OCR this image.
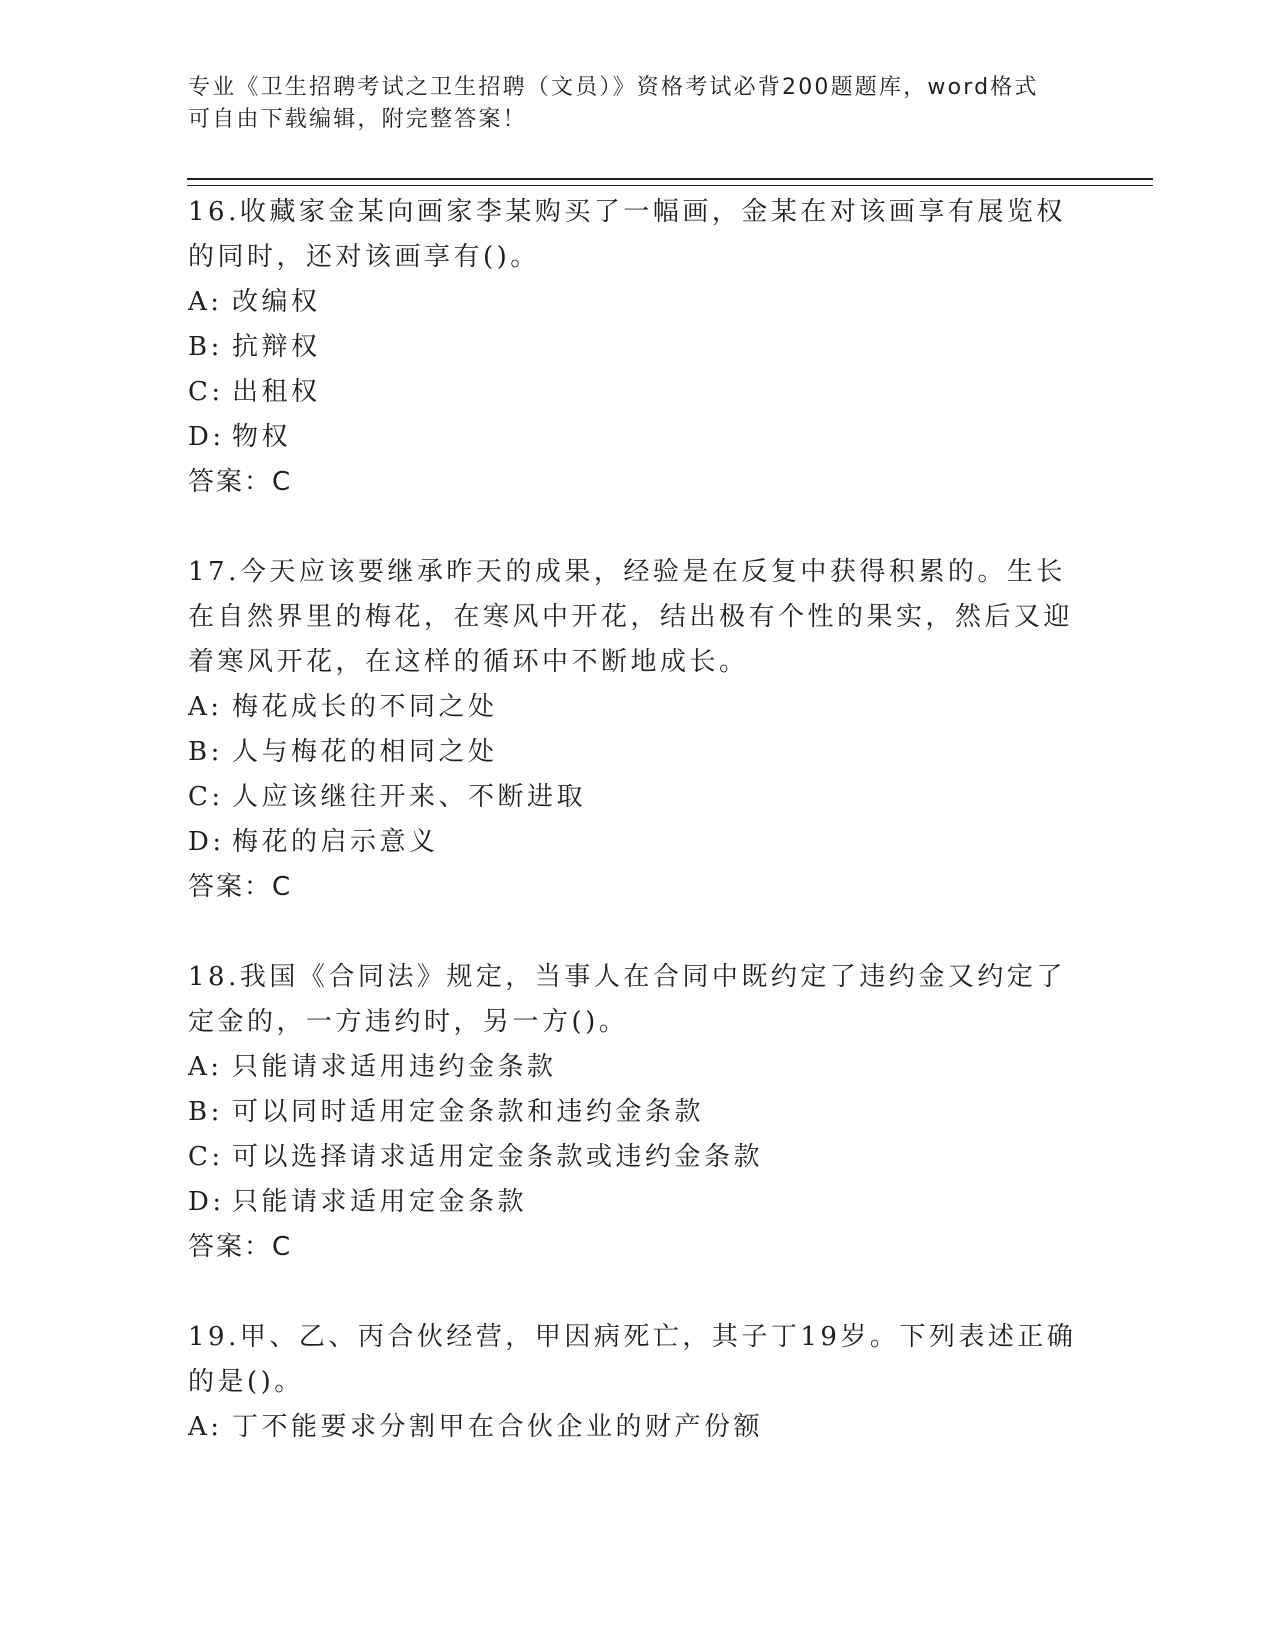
专业《卫生招聘考试之卫生招聘（文员）》资格考试必背200题题库，word格式
可自由下载编辑，附完整答案！

16.收藏家金某向画家李某购买了一幅画，金某在对该画享有展览权的同时，还对该画享有()。

A: 改编权

B: 抗辩权

C: 出租权

D: 物权

答案：C

17.今天应该要继承昨天的成果，经验是在反复中获得积累的。生长在自然界里的梅花，在寒风中开花，结出极有个性的果实，然后又迎着寒风开花，在这样的循环中不断地成长。

A: 梅花成长的不同之处

B: 人与梅花的相同之处

C: 人应该继往开来、不断进取

D: 梅花的启示意义

答案：C

18.我国《合同法》规定，当事人在合同中既约定了违约金又约定了定金的，一方违约时，另一方()。

A: 只能请求适用违约金条款

B: 可以同时适用定金条款和违约金条款

C: 可以选择请求适用定金条款或违约金条款

D: 只能请求适用定金条款

答案：C

19.甲、乙、丙合伙经营，甲因病死亡，其子丁19岁。下列表述正确的是()。

A: 丁不能要求分割甲在合伙企业的财产份额
